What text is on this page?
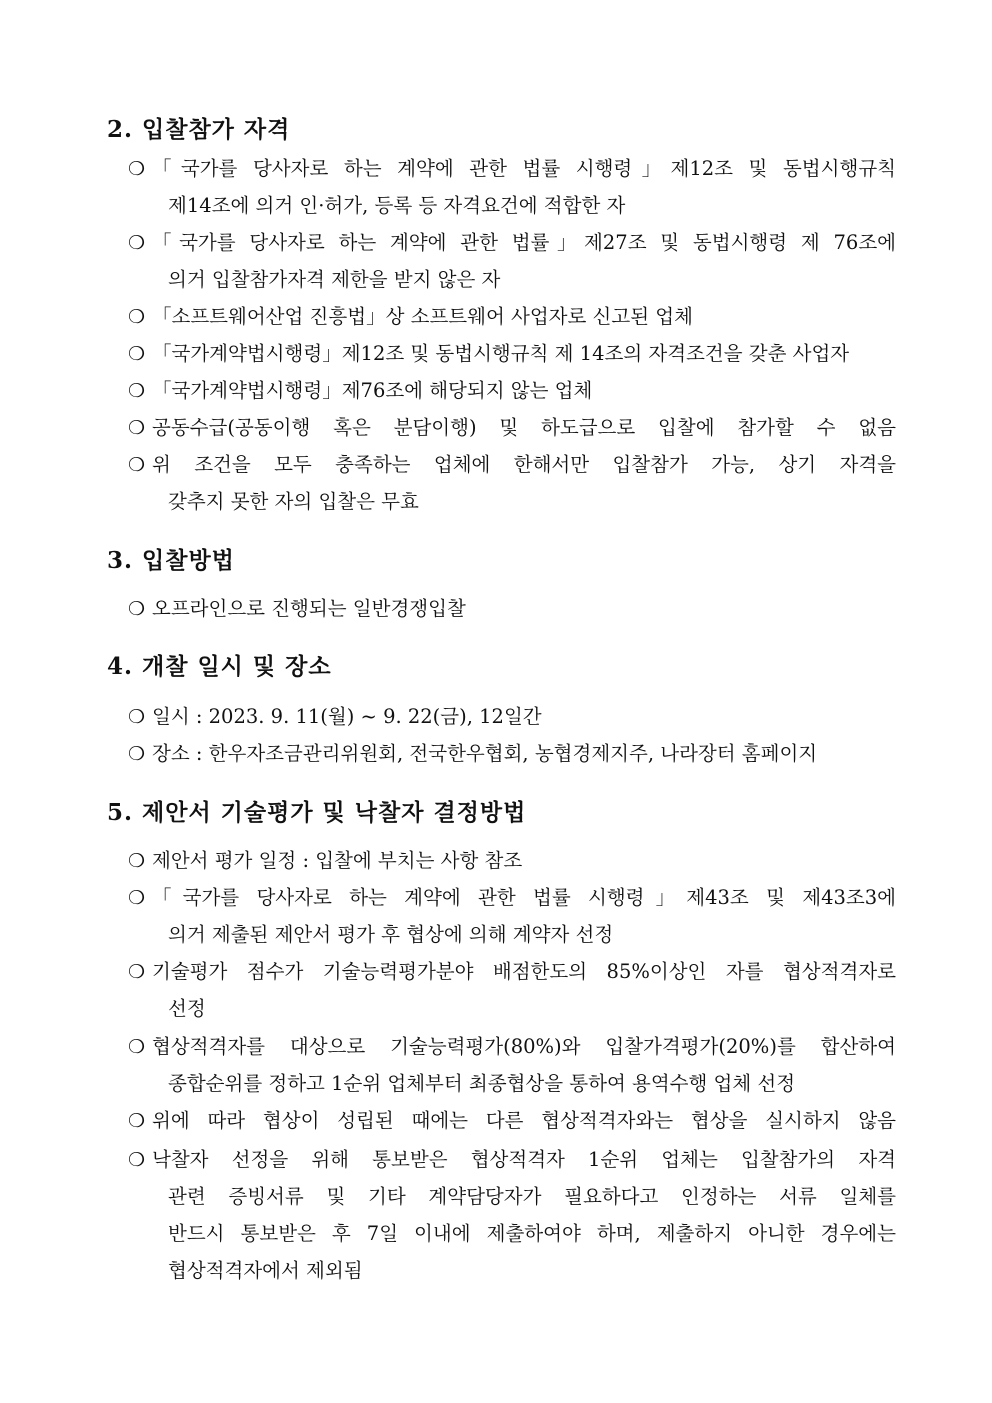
2. 입찰참가 자격
❍ 「국가를 당사자로 하는 계약에 관한 법률 시행령」제12조 및 동법시행규칙
제14조에 의거 인·허가, 등록 등 자격요건에 적합한 자
❍ 「국가를 당사자로 하는 계약에 관한 법률」제27조 및 동법시행령 제 76조에
의거 입찰참가자격 제한을 받지 않은 자
❍ 「소프트웨어산업 진흥법」상 소프트웨어 사업자로 신고된 업체
❍ 「국가계약법시행령」제12조 및 동법시행규칙 제 14조의 자격조건을 갖춘 사업자
❍ 「국가계약법시행령」제76조에 해당되지 않는 업체
❍ 공동수급(공동이행 혹은 분담이행) 및 하도급으로 입찰에 참가할 수 없음
❍ 위 조건을 모두 충족하는 업체에 한해서만 입찰참가 가능, 상기 자격을
갖추지 못한 자의 입찰은 무효
3. 입찰방법
❍ 오프라인으로 진행되는 일반경쟁입찰
4. 개찰 일시 및 장소
❍ 일시 : 2023. 9. 11(월) ~ 9. 22(금), 12일간
❍ 장소 : 한우자조금관리위원회, 전국한우협회, 농협경제지주, 나라장터 홈페이지
5. 제안서 기술평가 및 낙찰자 결정방법
❍ 제안서 평가 일정 : 입찰에 부치는 사항 참조
❍ 「국가를 당사자로 하는 계약에 관한 법률 시행령」제43조 및 제43조3에
의거 제출된 제안서 평가 후 협상에 의해 계약자 선정
❍ 기술평가 점수가 기술능력평가분야 배점한도의 85%이상인 자를 협상적격자로
선정
❍ 협상적격자를 대상으로 기술능력평가(80%)와 입찰가격평가(20%)를 합산하여
종합순위를 정하고 1순위 업체부터 최종협상을 통하여 용역수행 업체 선정
❍ 위에 따라 협상이 성립된 때에는 다른 협상적격자와는 협상을 실시하지 않음
❍ 낙찰자 선정을 위해 통보받은 협상적격자 1순위 업체는 입찰참가의 자격
관련 증빙서류 및 기타 계약담당자가 필요하다고 인정하는 서류 일체를
반드시 통보받은 후 7일 이내에 제출하여야 하며, 제출하지 아니한 경우에는
협상적격자에서 제외됨
